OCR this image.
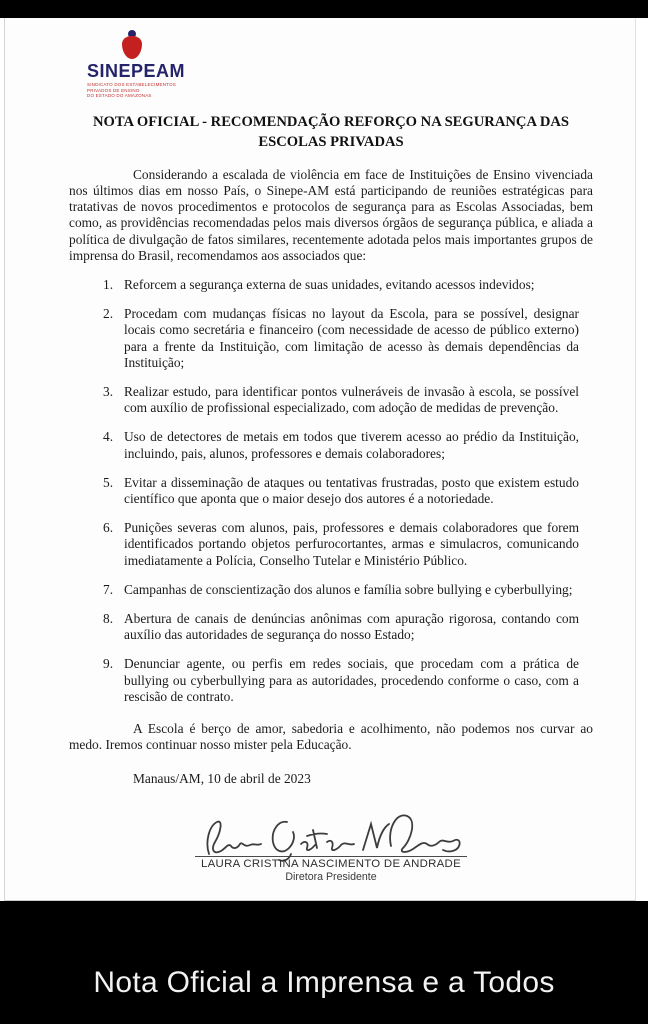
SINEPEAM
SINDICATO DOS ESTABELECIMENTOS PRIVADOS DE ENSINO
DO ESTADO DO AMAZONAS
NOTA OFICIAL - RECOMENDAÇÃO REFORÇO NA SEGURANÇA DAS ESCOLAS PRIVADAS

Considerando a escalada de violência em face de Instituições de Ensino vivenciada nos últimos dias em nosso País, o Sinepe-AM está participando de reuniões estratégicas para tratativas de novos procedimentos e protocolos de segurança para as Escolas Associadas, bem como, as providências recomendadas pelos mais diversos órgãos de segurança pública, e aliada a política de divulgação de fatos similares, recentemente adotada pelos mais importantes grupos de imprensa do Brasil, recomendamos aos associados que:

1. Reforcem a segurança externa de suas unidades, evitando acessos indevidos;
2. Procedam com mudanças físicas no layout da Escola, para se possível, designar locais como secretária e financeiro (com necessidade de acesso de público externo) para a frente da Instituição, com limitação de acesso às demais dependências da Instituição;
3. Realizar estudo, para identificar pontos vulneráveis de invasão à escola, se possível com auxílio de profissional especializado, com adoção de medidas de prevenção.
4. Uso de detectores de metais em todos que tiverem acesso ao prédio da Instituição, incluindo, pais, alunos, professores e demais colaboradores;
5. Evitar a disseminação de ataques ou tentativas frustradas, posto que existem estudo científico que aponta que o maior desejo dos autores é a notoriedade.
6. Punições severas com alunos, pais, professores e demais colaboradores que forem identificados portando objetos perfurocortantes, armas e simulacros, comunicando imediatamente a Polícia, Conselho Tutelar e Ministério Público.
7. Campanhas de conscientização dos alunos e família sobre bullying e cyberbullying;
8. Abertura de canais de denúncias anônimas com apuração rigorosa, contando com auxílio das autoridades de segurança do nosso Estado;
9. Denunciar agente, ou perfis em redes sociais, que procedam com a prática de bullying ou cyberbullying para as autoridades, procedendo conforme o caso, com a rescisão de contrato.

A Escola é berço de amor, sabedoria e acolhimento, não podemos nos curvar ao medo. Iremos continuar nosso mister pela Educação.

Manaus/AM, 10 de abril de 2023

LAURA CRISTINA NASCIMENTO DE ANDRADE
Diretora Presidente
Nota Oficial a Imprensa e a Todos
